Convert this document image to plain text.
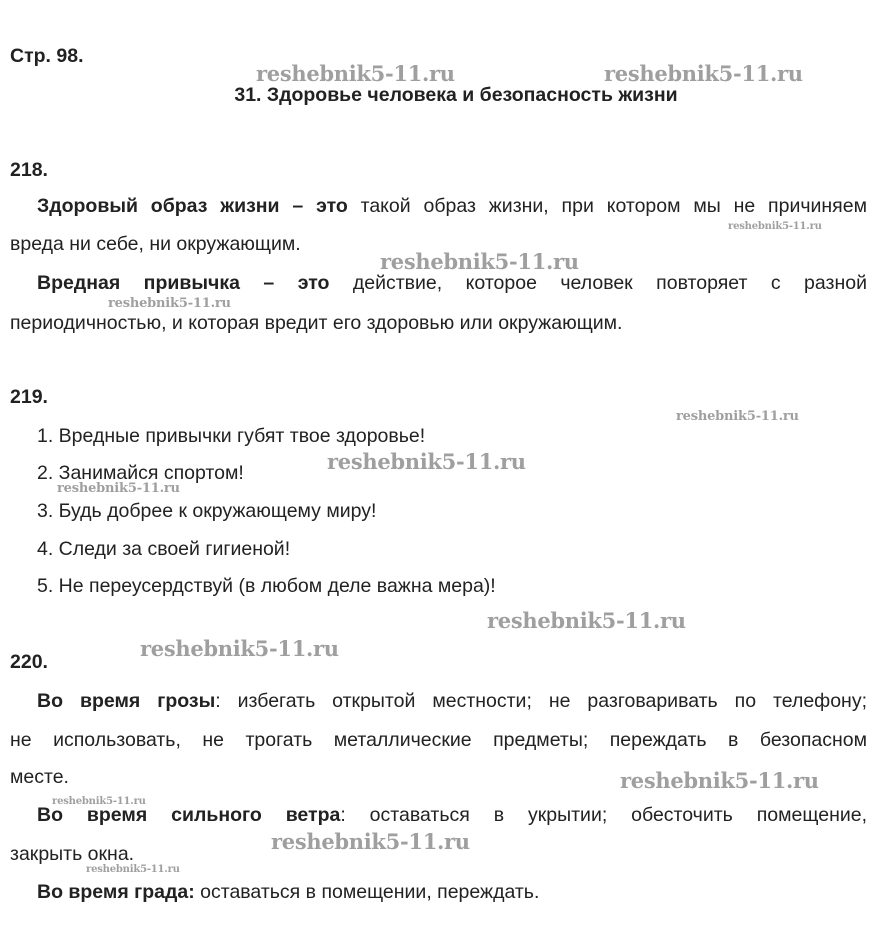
reshebnik5-11.ru	reshebnik5-11.ru
reshebnik5-11.ru
reshebnik5-11.ru
reshebnik5-11.ru
reshebnik5-11.ru
reshebnik5-11.ru
reshebnik5-11.ru
reshebnik5-11.ru
reshebnik5-11.ru
reshebnik5-11.ru
reshebnik5-11.ru
reshebnik5-11.ru
reshebnik5-11.ru
Стр. 98.
31. Здоровье человека и безопасность жизни
218.
Здоровый образ жизни – это такой образ жизни, при котором мы не причиняем
вреда ни себе, ни окружающим.
Вредная привычка – это действие, которое человек повторяет с разной
периодичностью, и которая вредит его здоровью или окружающим.
219.
1. Вредные привычки губят твое здоровье!
2. Занимайся спортом!
3. Будь добрее к окружающему миру!
4. Следи за своей гигиеной!
5. Не переусердствуй (в любом деле важна мера)!
220.
Во время грозы: избегать открытой местности; не разговаривать по телефону;
не использовать, не трогать металлические предметы; переждать в безопасном
месте.
Во время сильного ветра: оставаться в укрытии; обесточить помещение,
закрыть окна.
Во время града: оставаться в помещении, переждать.
